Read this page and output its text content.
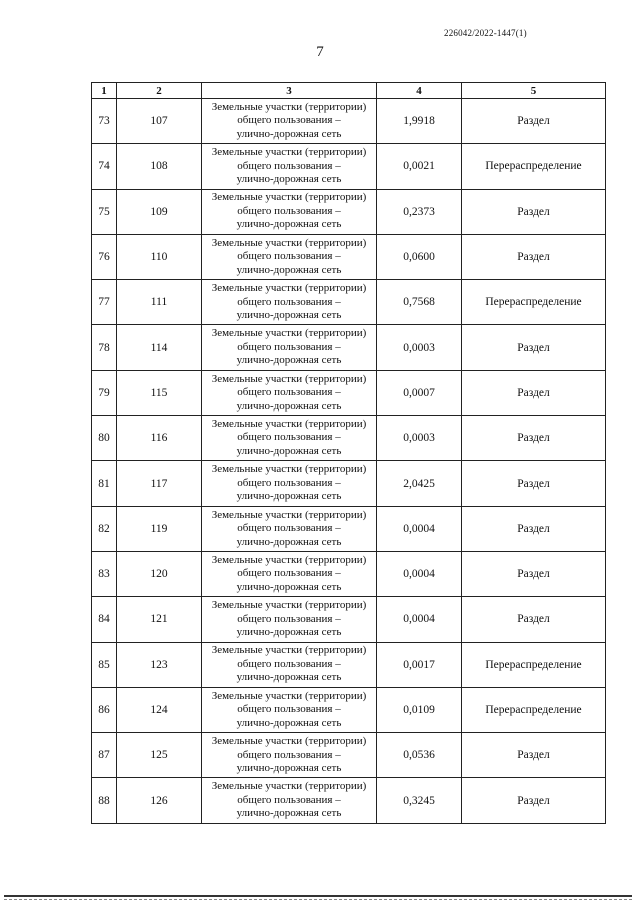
226042/2022-1447(1)
7
1	2	3	4	5
73	107	Земельные участки (территории)
общего пользования –
улично-дорожная сеть	1,9918	Раздел
74	108	Земельные участки (территории)
общего пользования –
улично-дорожная сеть	0,0021	Перераспределение
75	109	Земельные участки (территории)
общего пользования –
улично-дорожная сеть	0,2373	Раздел
76	110	Земельные участки (территории)
общего пользования –
улично-дорожная сеть	0,0600	Раздел
77	111	Земельные участки (территории)
общего пользования –
улично-дорожная сеть	0,7568	Перераспределение
78	114	Земельные участки (территории)
общего пользования –
улично-дорожная сеть	0,0003	Раздел
79	115	Земельные участки (территории)
общего пользования –
улично-дорожная сеть	0,0007	Раздел
80	116	Земельные участки (территории)
общего пользования –
улично-дорожная сеть	0,0003	Раздел
81	117	Земельные участки (территории)
общего пользования –
улично-дорожная сеть	2,0425	Раздел
82	119	Земельные участки (территории)
общего пользования –
улично-дорожная сеть	0,0004	Раздел
83	120	Земельные участки (территории)
общего пользования –
улично-дорожная сеть	0,0004	Раздел
84	121	Земельные участки (территории)
общего пользования –
улично-дорожная сеть	0,0004	Раздел
85	123	Земельные участки (территории)
общего пользования –
улично-дорожная сеть	0,0017	Перераспределение
86	124	Земельные участки (территории)
общего пользования –
улично-дорожная сеть	0,0109	Перераспределение
87	125	Земельные участки (территории)
общего пользования –
улично-дорожная сеть	0,0536	Раздел
88	126	Земельные участки (территории)
общего пользования –
улично-дорожная сеть	0,3245	Раздел
